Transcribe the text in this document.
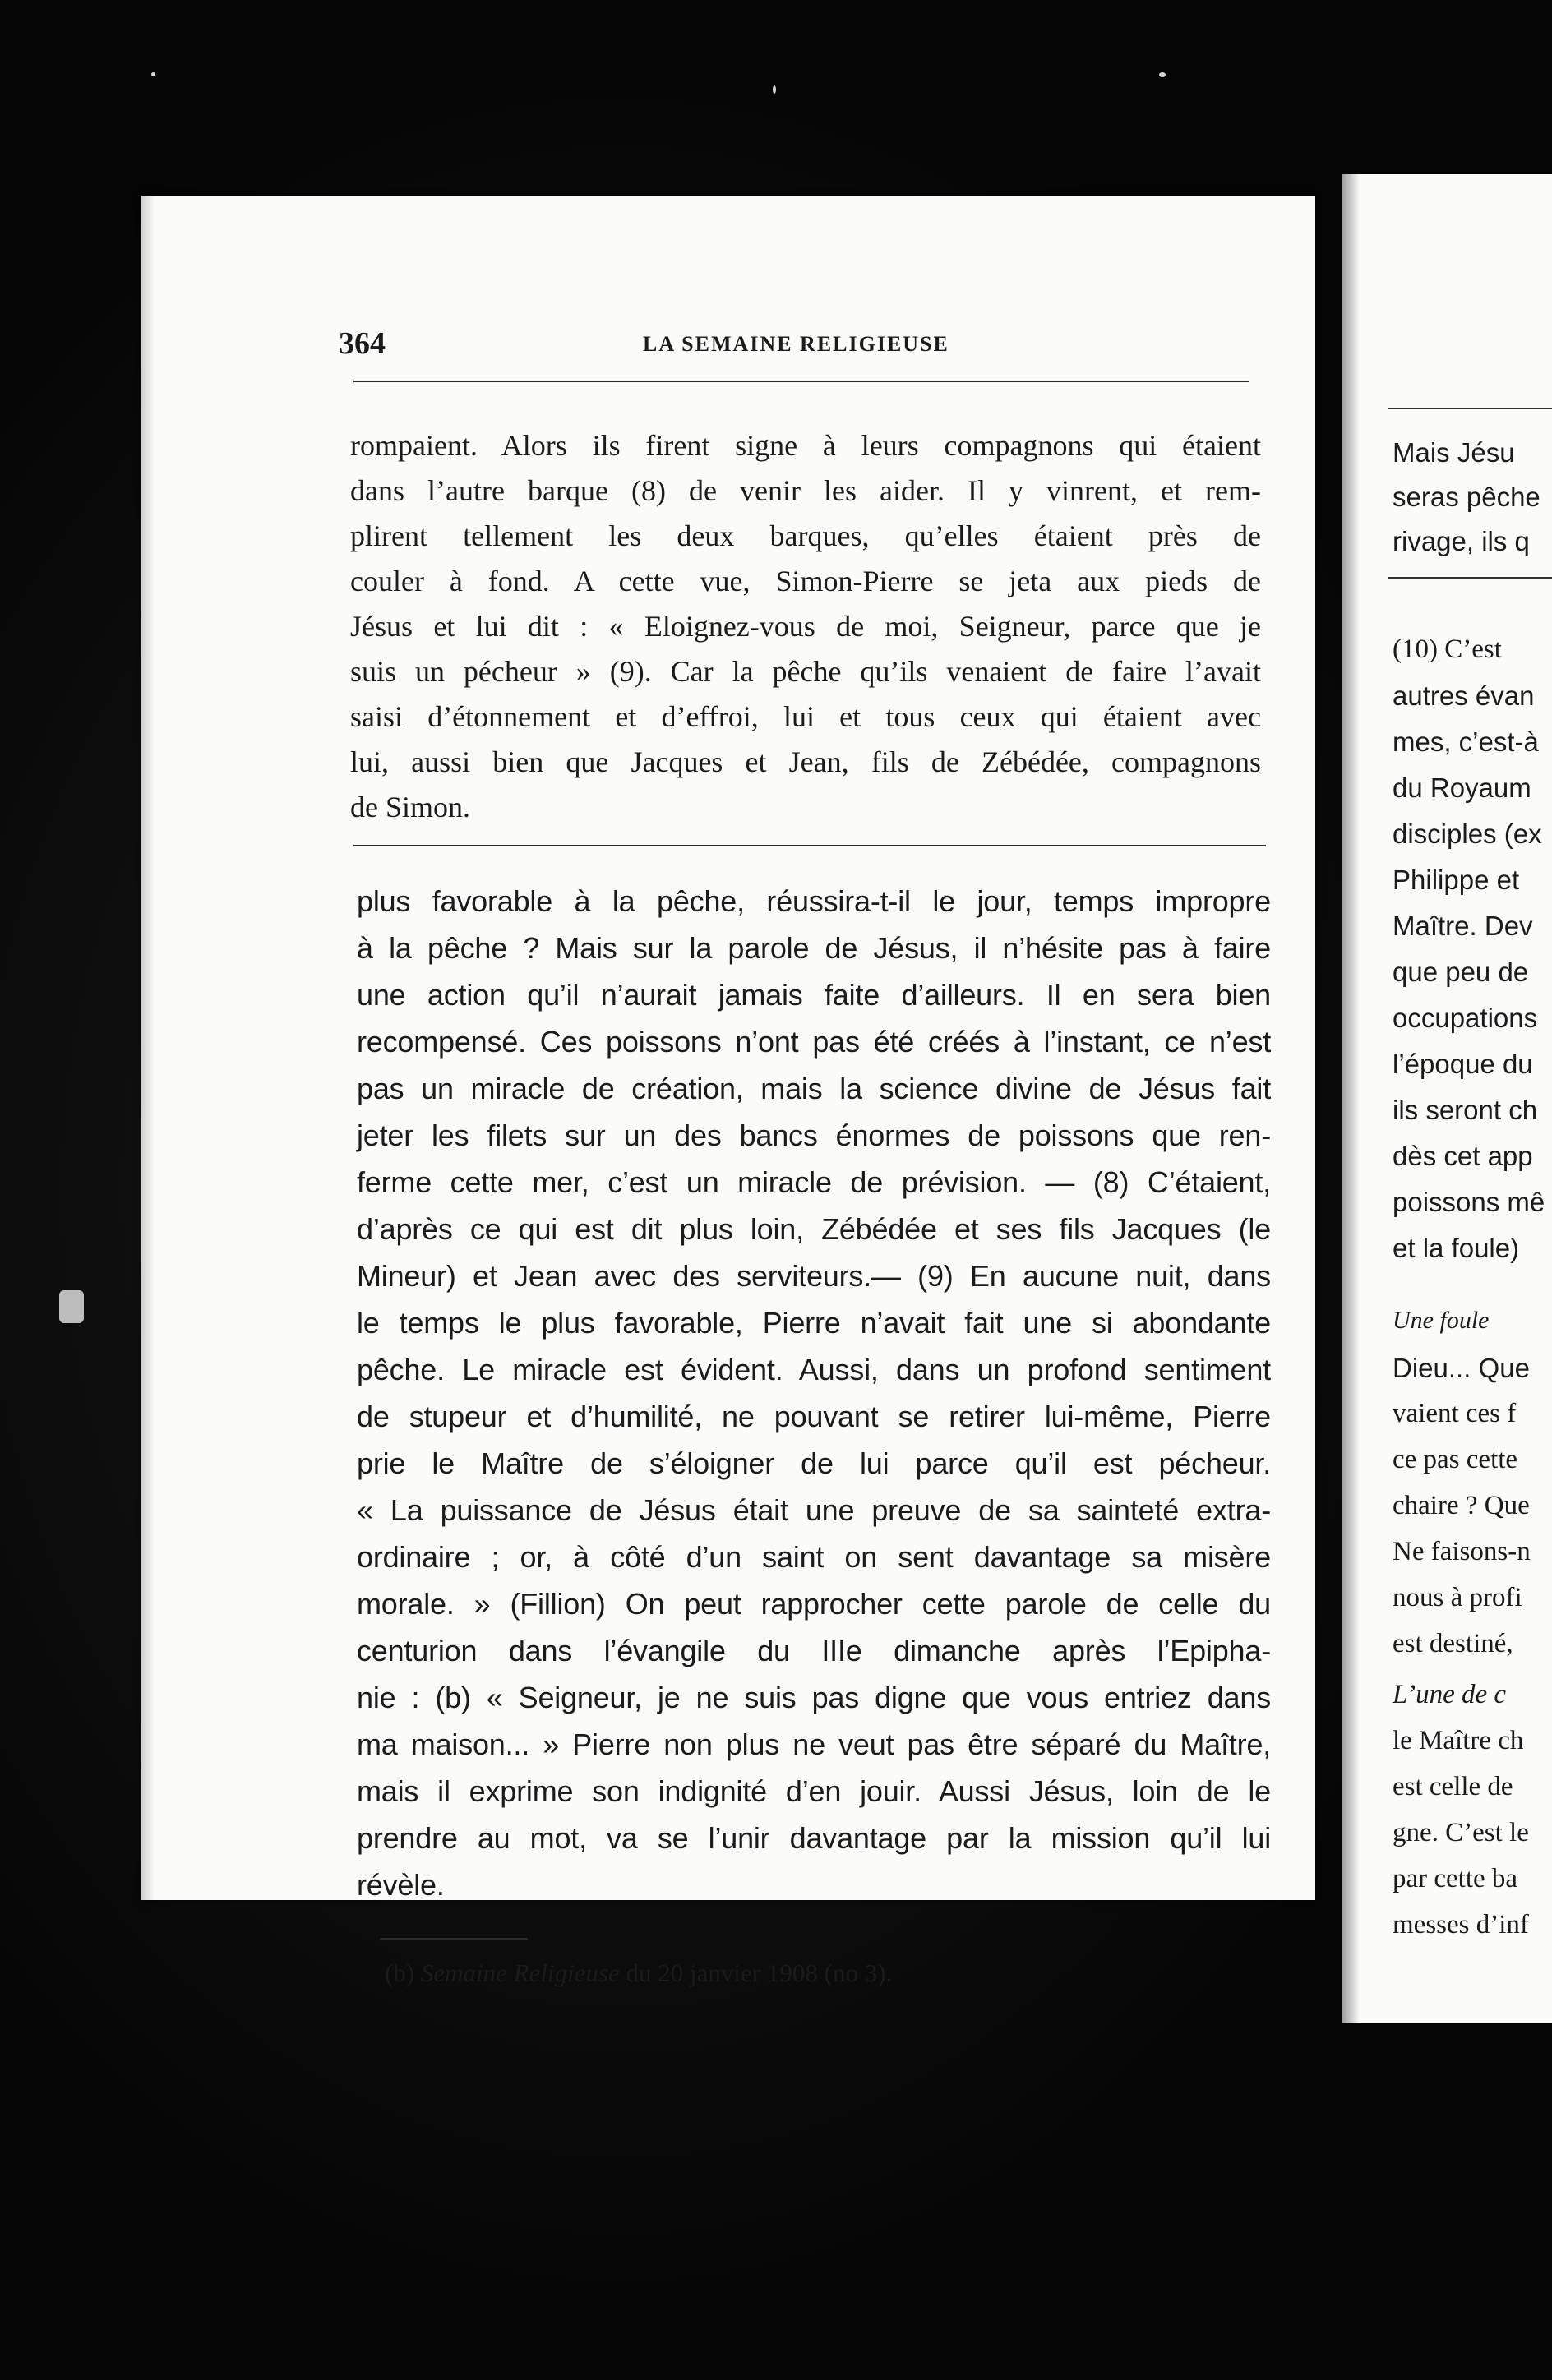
364	LA SEMAINE RELIGIEUSE
rompaient. Alors ils firent signe à leurs compagnons qui étaient
dans l’autre barque (8) de venir les aider. Il y vinrent, et rem-
plirent tellement les deux barques, qu’elles étaient près de
couler à fond. A cette vue, Simon-Pierre se jeta aux pieds de
Jésus et lui dit : « Eloignez-vous de moi, Seigneur, parce que je
suis un pécheur » (9). Car la pêche qu’ils venaient de faire l’avait
saisi d’étonnement et d’effroi, lui et tous ceux qui étaient avec
lui, aussi bien que Jacques et Jean, fils de Zébédée, compagnons
de Simon.
plus favorable à la pêche, réussira-t-il le jour, temps impropre
à la pêche ? Mais sur la parole de Jésus, il n’hésite pas à faire
une action qu’il n’aurait jamais faite d’ailleurs. Il en sera bien
recompensé. Ces poissons n’ont pas été créés à l’instant, ce n’est
pas un miracle de création, mais la science divine de Jésus fait
jeter les filets sur un des bancs énormes de poissons que ren-
ferme cette mer, c’est un miracle de prévision. — (8) C’étaient,
d’après ce qui est dit plus loin, Zébédée et ses fils Jacques (le
Mineur) et Jean avec des serviteurs.— (9) En aucune nuit, dans
le temps le plus favorable, Pierre n’avait fait une si abondante
pêche. Le miracle est évident. Aussi, dans un profond sentiment
de stupeur et d’humilité, ne pouvant se retirer lui-même, Pierre
prie le Maître de s’éloigner de lui parce qu’il est pécheur.
« La puissance de Jésus était une preuve de sa sainteté extra-
ordinaire ; or, à côté d’un saint on sent davantage sa misère
morale. » (Fillion) On peut rapprocher cette parole de celle du
centurion dans l’évangile du IIIe dimanche après l’Epipha-
nie : (b) « Seigneur, je ne suis pas digne que vous entriez dans
ma maison... » Pierre non plus ne veut pas être séparé du Maître,
mais il exprime son indignité d’en jouir. Aussi Jésus, loin de le
prendre au mot, va se l’unir davantage par la mission qu’il lui
révèle.
(b) Semaine Religieuse du 20 janvier 1908 (no 3).
Mais Jésu
seras pêche
rivage, ils q
(10) C’est
autres évan
mes, c’est-à
du Royaum
disciples (ex
Philippe et
Maître. Dev
que peu de
occupations
l’époque du
ils seront ch
dès cet app
poissons mê
et la foule)
Une foule
Dieu... Que
vaient ces f
ce pas cette
chaire ? Que
Ne faisons-n
nous à profi
est destiné,
L’une de c
le Maître ch
est celle de
gne. C’est le
par cette ba
messes d’inf
